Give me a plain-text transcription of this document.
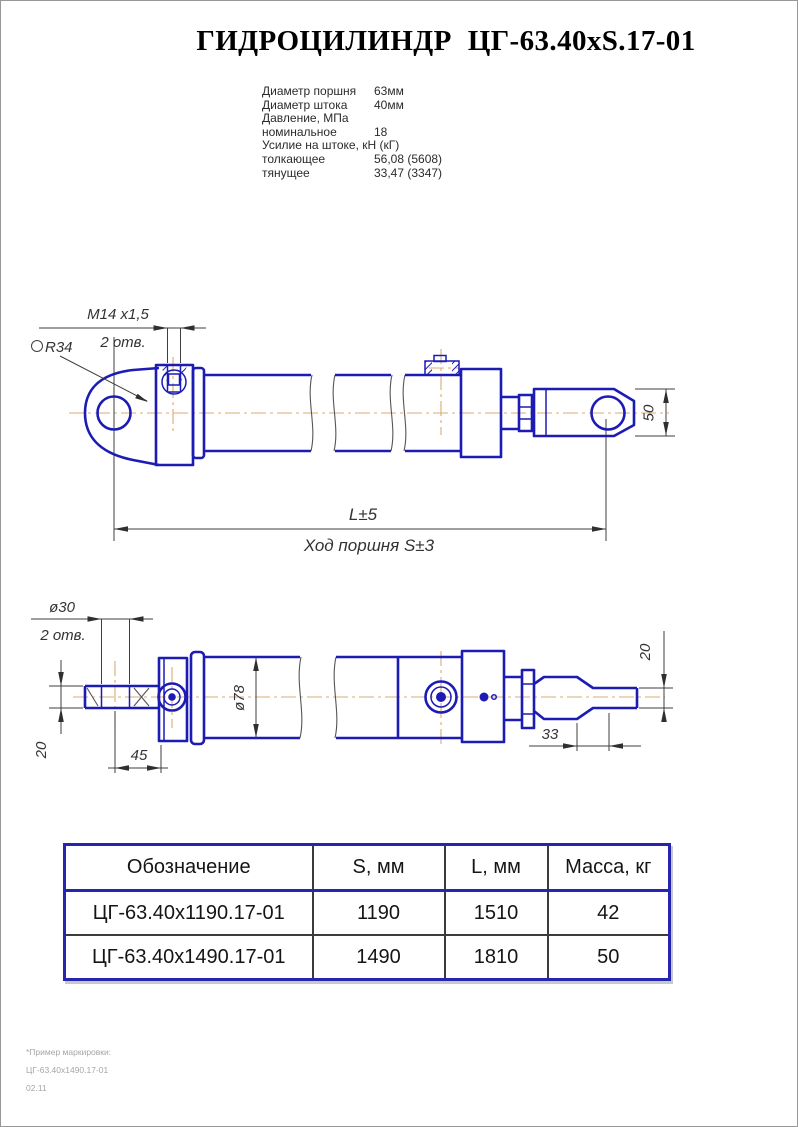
ГИДРОЦИЛИНДР ЦГ-63.40xS.17-01
Диаметр поршня	63мм
Диаметр штока	40мм
Давление, МПа
номинальное	18
Усилие на штоке, кН (кГ)
толкающее	56,08 (5608)
тянущее	33,47 (3347)
M14 x1,5
2 отв.
R34
50
L±5
Ход поршня S±3
ø30
2 отв.
20	45
ø78
33
20
Обозначение	S, мм	L, мм	Масса, кг
ЦГ-63.40x1190.17-01	1190	1510	42
ЦГ-63.40x1490.17-01	1490	1810	50
*Пример маркировки:
ЦГ-63.40х1490.17-01
02.11
